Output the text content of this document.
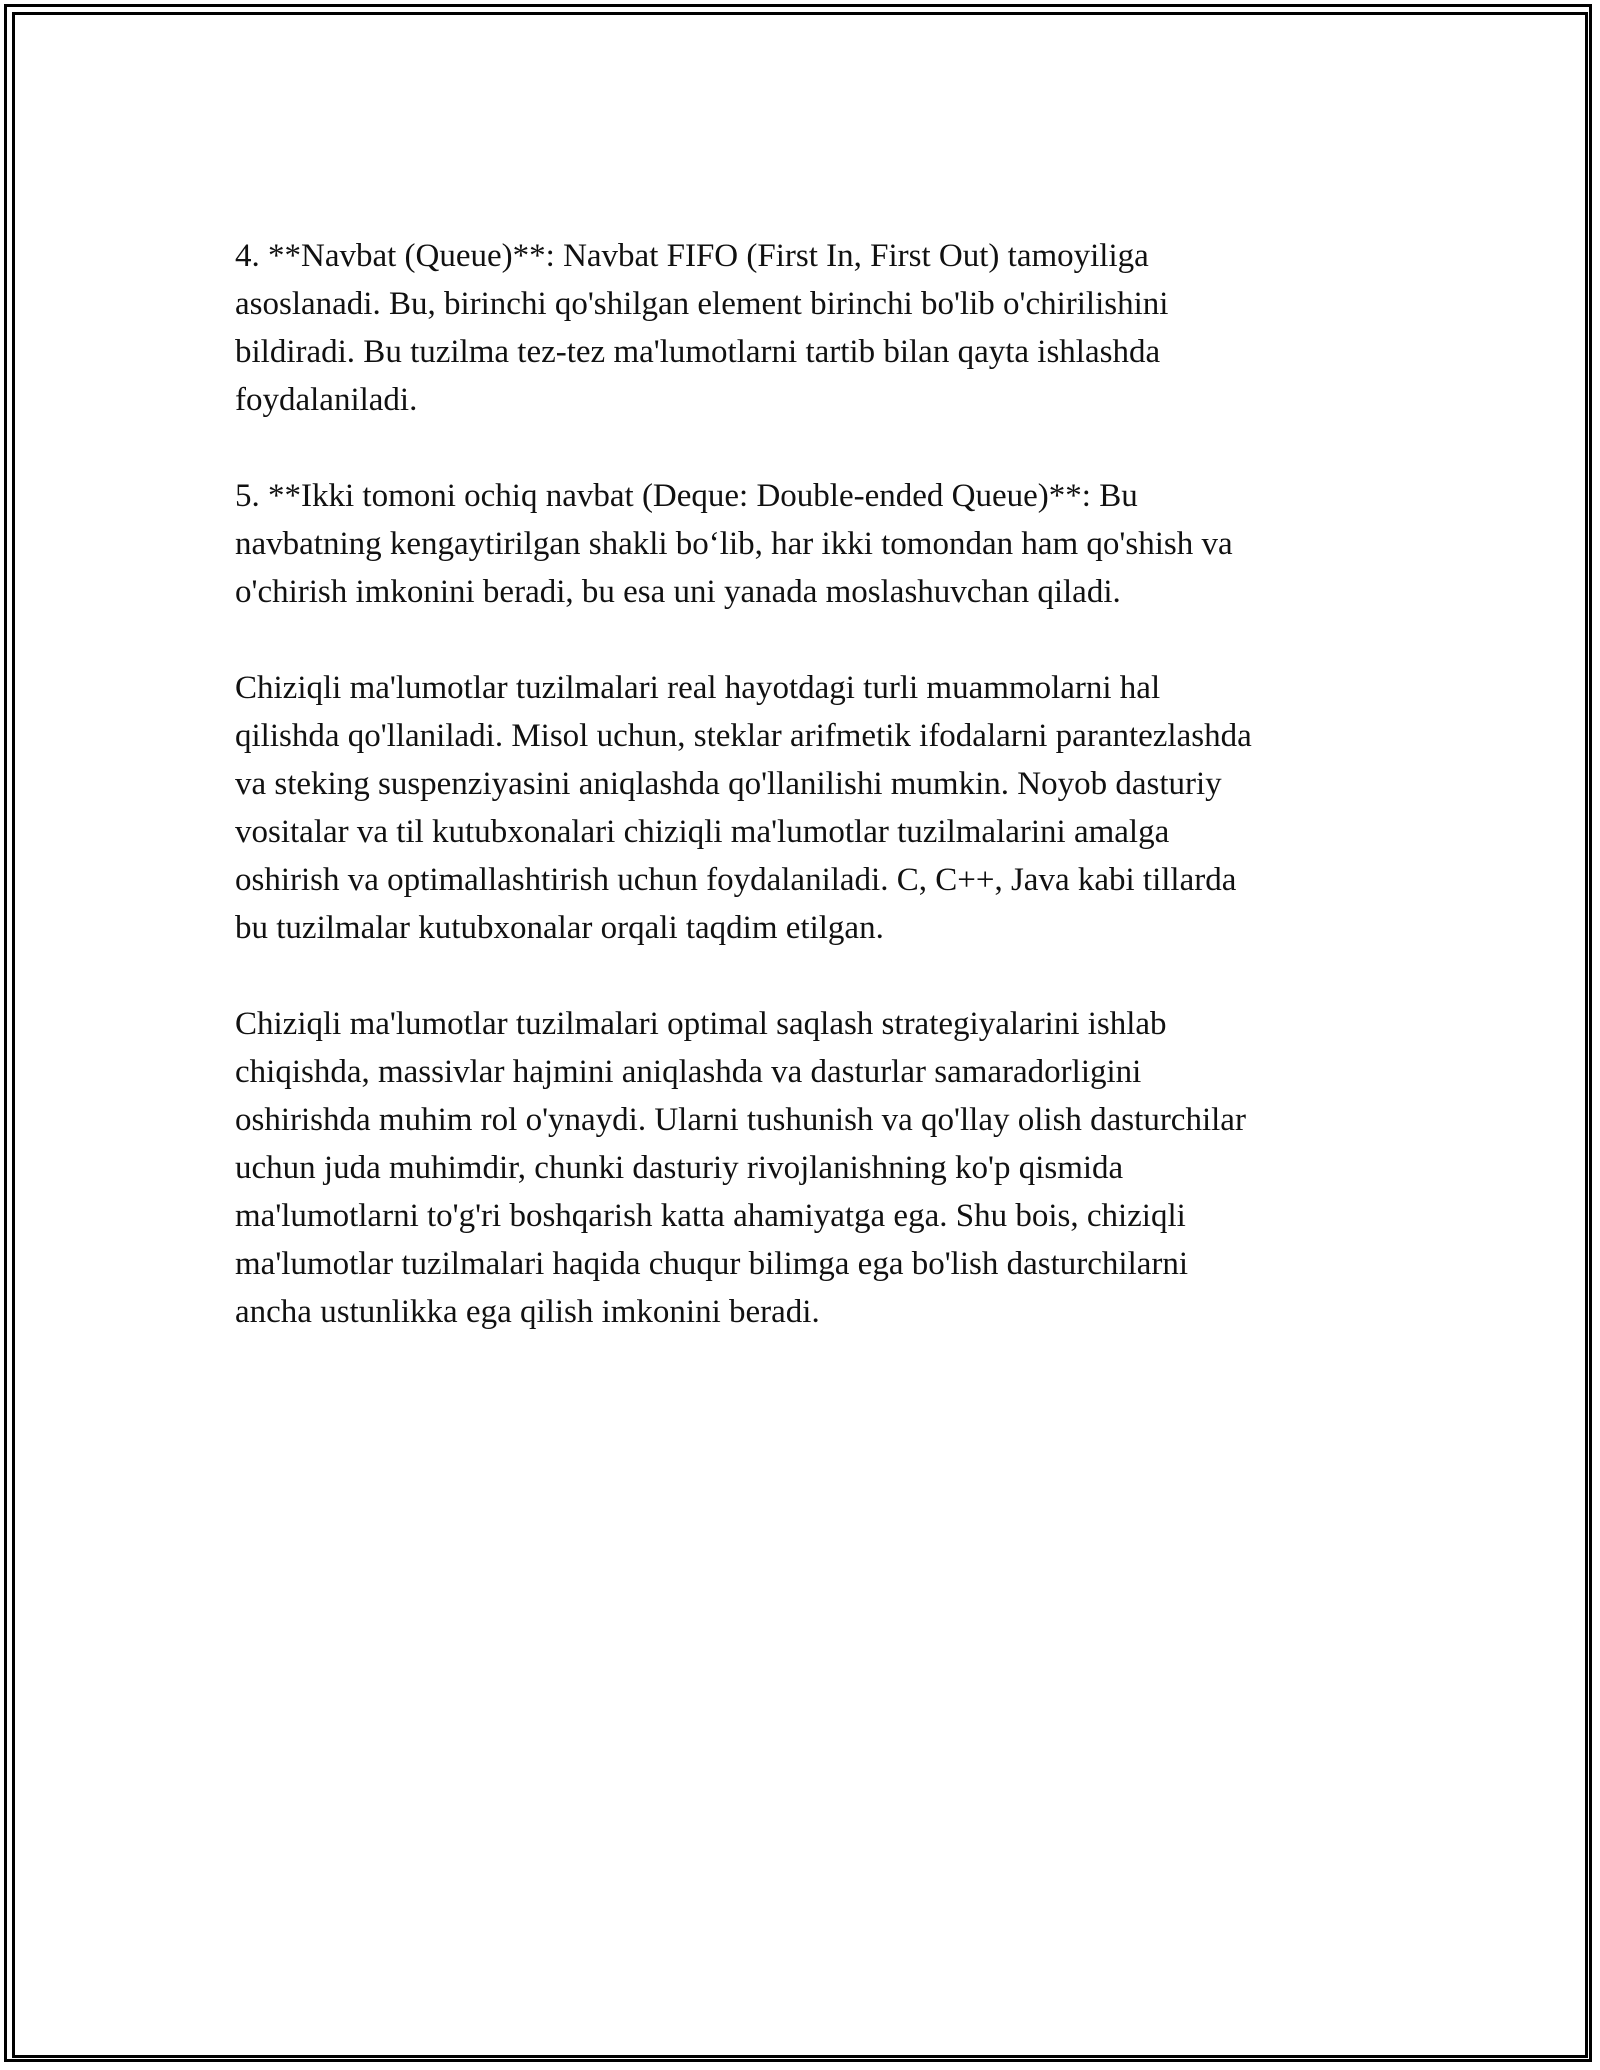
4. **Navbat (Queue)**: Navbat FIFO (First In, First Out) tamoyiliga
asoslanadi. Bu, birinchi qo'shilgan element birinchi bo'lib o'chirilishini
bildiradi. Bu tuzilma tez-tez ma'lumotlarni tartib bilan qayta ishlashda
foydalaniladi.

5. **Ikki tomoni ochiq navbat (Deque: Double-ended Queue)**: Bu
navbatning kengaytirilgan shakli bo‘lib, har ikki tomondan ham qo'shish va
o'chirish imkonini beradi, bu esa uni yanada moslashuvchan qiladi.

Chiziqli ma'lumotlar tuzilmalari real hayotdagi turli muammolarni hal
qilishda qo'llaniladi. Misol uchun, steklar arifmetik ifodalarni parantezlashda
va steking suspenziyasini aniqlashda qo'llanilishi mumkin. Noyob dasturiy
vositalar va til kutubxonalari chiziqli ma'lumotlar tuzilmalarini amalga
oshirish va optimallashtirish uchun foydalaniladi. C, C++, Java kabi tillarda
bu tuzilmalar kutubxonalar orqali taqdim etilgan.

Chiziqli ma'lumotlar tuzilmalari optimal saqlash strategiyalarini ishlab
chiqishda, massivlar hajmini aniqlashda va dasturlar samaradorligini
oshirishda muhim rol o'ynaydi. Ularni tushunish va qo'llay olish dasturchilar
uchun juda muhimdir, chunki dasturiy rivojlanishning ko'p qismida
ma'lumotlarni to'g'ri boshqarish katta ahamiyatga ega. Shu bois, chiziqli
ma'lumotlar tuzilmalari haqida chuqur bilimga ega bo'lish dasturchilarni
ancha ustunlikka ega qilish imkonini beradi.
